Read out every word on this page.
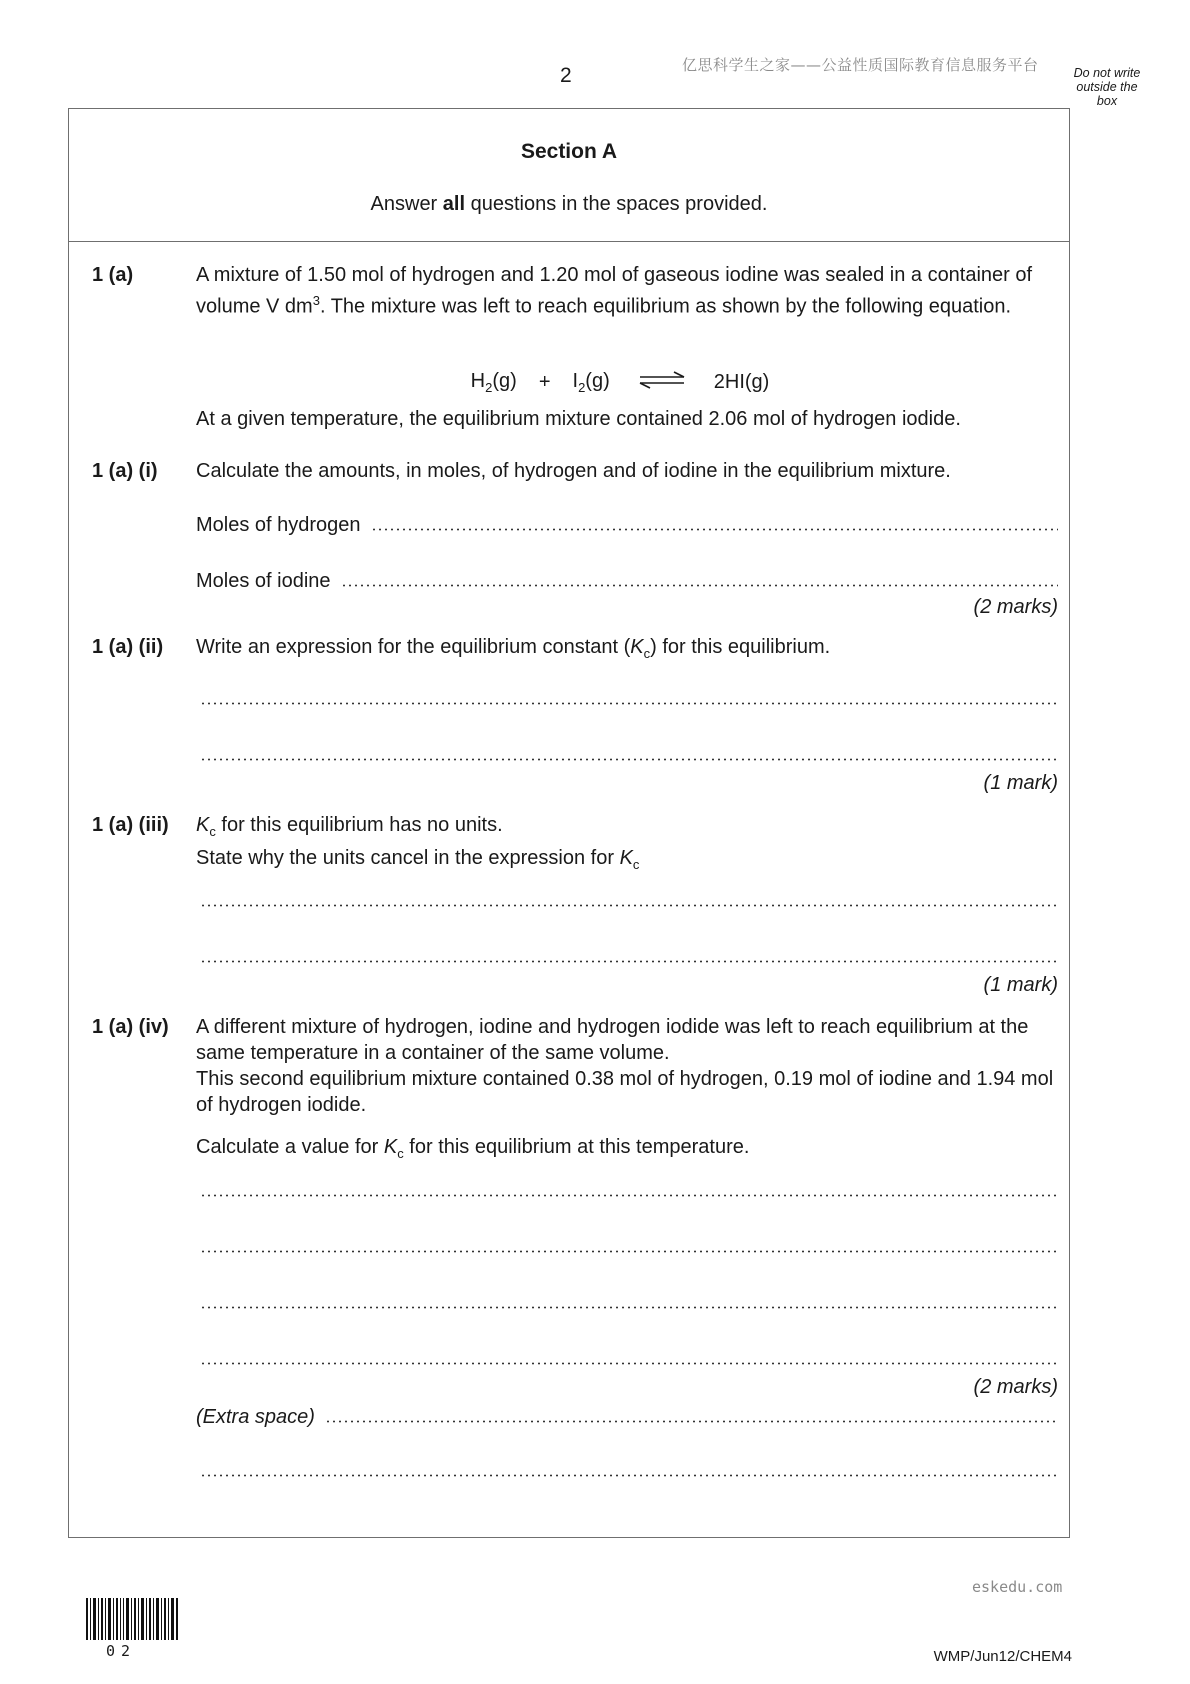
2	亿思科学生之家——公益性质国际教育信息服务平台	Do not write outside the box
Section A
Answer all questions in the spaces provided.
1 (a)	A mixture of 1.50 mol of hydrogen and 1.20 mol of gaseous iodine was sealed in a container of volume V $dm^3$. The mixture was left to reach equilibrium as shown by the following equation.
$H_2(g) + I_2(g)$ ⇌ 2HI(g)
At a given temperature, the equilibrium mixture contained 2.06 mol of hydrogen iodide.
1 (a) (i) Calculate the amounts, in moles, of hydrogen and of iodine in the equilibrium mixture.
Moles of hydrogen
Moles of iodine
(2 marks)
1 (a) (ii) Write an expression for the equilibrium constant $(K_c)$ for this equilibrium.
(1 mark)
1 (a) (iii) $K_c$ for this equilibrium has no units.
State why the units cancel in the expression for $K_c$
(1 mark)
1 (a) (iv) A different mixture of hydrogen, iodine and hydrogen iodide was left to reach equilibrium at the same temperature in a container of the same volume.
This second equilibrium mixture contained 0.38 mol of hydrogen, 0.19 mol of iodine and 1.94 mol of hydrogen iodide.
Calculate a value for $K_c$ for this equilibrium at this temperature.
(2 marks)
(Extra space)
eskedu.com
02	WMP/Jun12/CHEM4
